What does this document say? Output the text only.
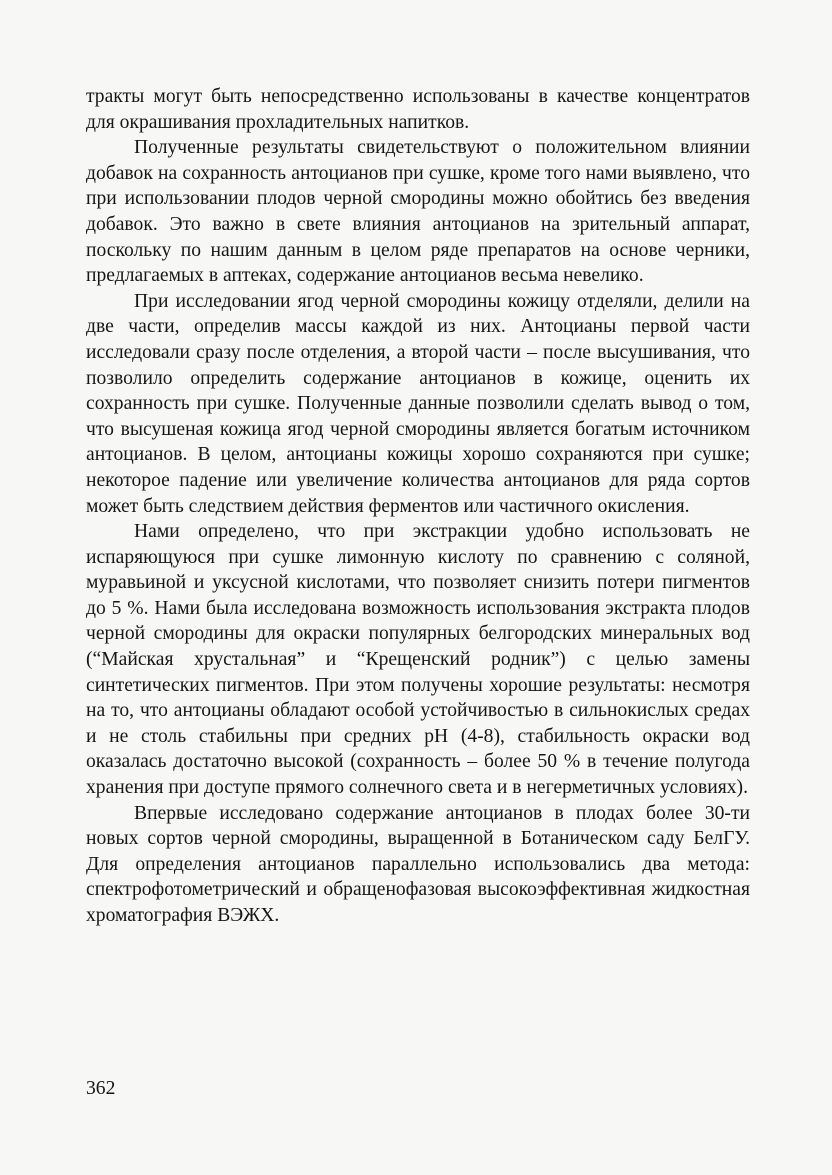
тракты могут быть непосредственно использованы в качестве концентратов для окрашивания прохладительных напитков.

Полученные результаты свидетельствуют о положительном влиянии добавок на сохранность антоцианов при сушке, кроме того нами выявлено, что при использовании плодов черной смородины можно обойтись без введения добавок. Это важно в свете влияния антоцианов на зрительный аппарат, поскольку по нашим данным в целом ряде препаратов на основе черники, предлагаемых в аптеках, содержание антоцианов весьма невелико.

При исследовании ягод черной смородины кожицу отделяли, делили на две части, определив массы каждой из них. Антоцианы первой части исследовали сразу после отделения, а второй части – после высушивания, что позволило определить содержание антоцианов в кожице, оценить их сохранность при сушке. Полученные данные позволили сделать вывод о том, что высушеная кожица ягод черной смородины является богатым источником антоцианов. В целом, антоцианы кожицы хорошо сохраняются при сушке; некоторое падение или увеличение количества антоцианов для ряда сортов может быть следствием действия ферментов или частичного окисления.

Нами определено, что при экстракции удобно использовать не испаряющуюся при сушке лимонную кислоту по сравнению с соляной, муравьиной и уксусной кислотами, что позволяет снизить потери пигментов до 5 %. Нами была исследована возможность использования экстракта плодов черной смородины для окраски популярных белгородских минеральных вод (“Майская хрустальная” и “Крещенский родник”) с целью замены синтетических пигментов. При этом получены хорошие результаты: несмотря на то, что антоцианы обладают особой устойчивостью в сильнокислых средах и не столь стабильны при средних pH (4-8), стабильность окраски вод оказалась достаточно высокой (сохранность – более 50 % в течение полугода хранения при доступе прямого солнечного света и в негерметичных условиях).

Впервые исследовано содержание антоцианов в плодах более 30-ти новых сортов черной смородины, выращенной в Ботаническом саду БелГУ. Для определения антоцианов параллельно использовались два метода: спектрофотометрический и обращенофазовая высокоэффективная жидкостная хроматография ВЭЖХ.

362
